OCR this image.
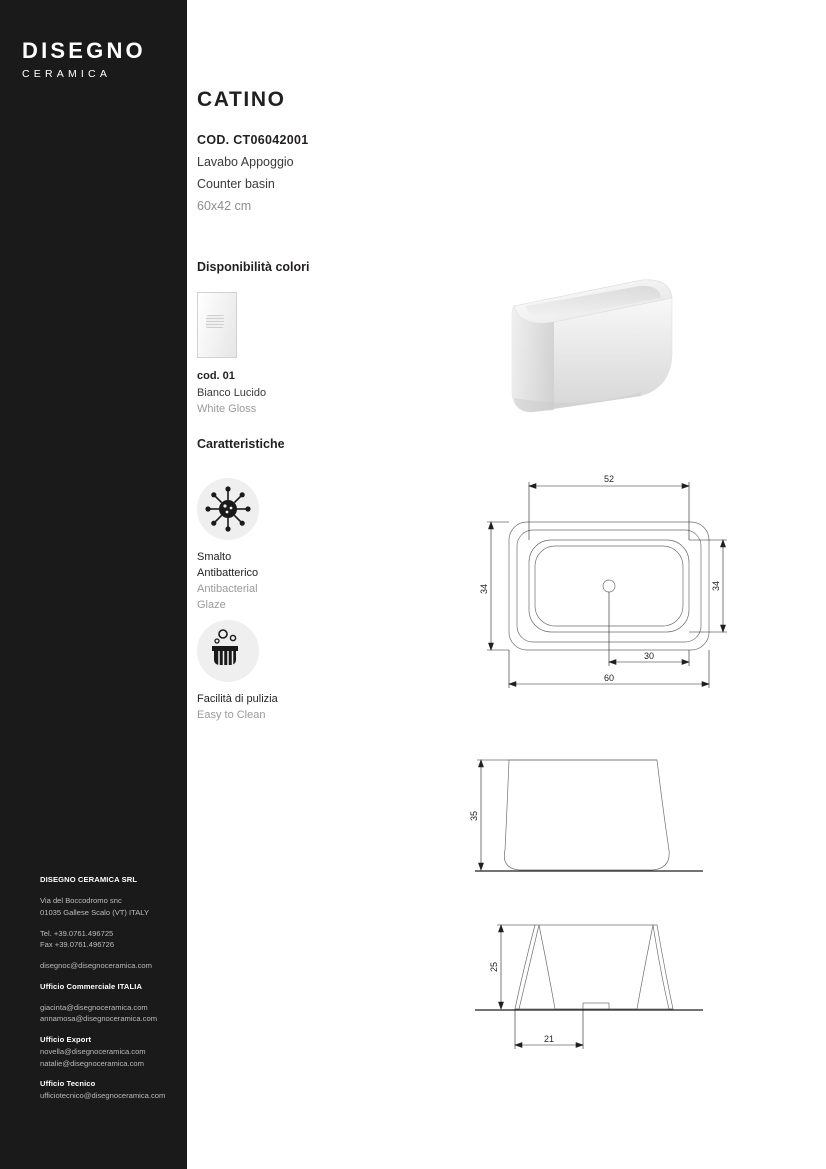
DISEGNO
CERAMICA
DISEGNO CERAMICA SRL
Via del Boccodromo snc
01035 Gallese Scalo (VT) ITALY
Tel. +39.0761.496725
Fax +39.0761.496726
disegnoc@disegnoceramica.com
Ufficio Commerciale ITALIA
giacinta@disegnoceramica.com
annamosa@disegnoceramica.com
Ufficio Export
novella@disegnoceramica.com
natalie@disegnoceramica.com
Ufficio Tecnico
ufficiotecnico@disegnoceramica.com
CATINO
COD. CT06042001
Lavabo Appoggio
Counter basin
60x42 cm
Disponibilità colori
cod. 01
Bianco Lucido
White Gloss
Caratteristiche
Smalto
Antibatterico
Antibacterial
Glaze
Facilità di pulizia
Easy to Clean
52
34	34
30
60
35
25
21
